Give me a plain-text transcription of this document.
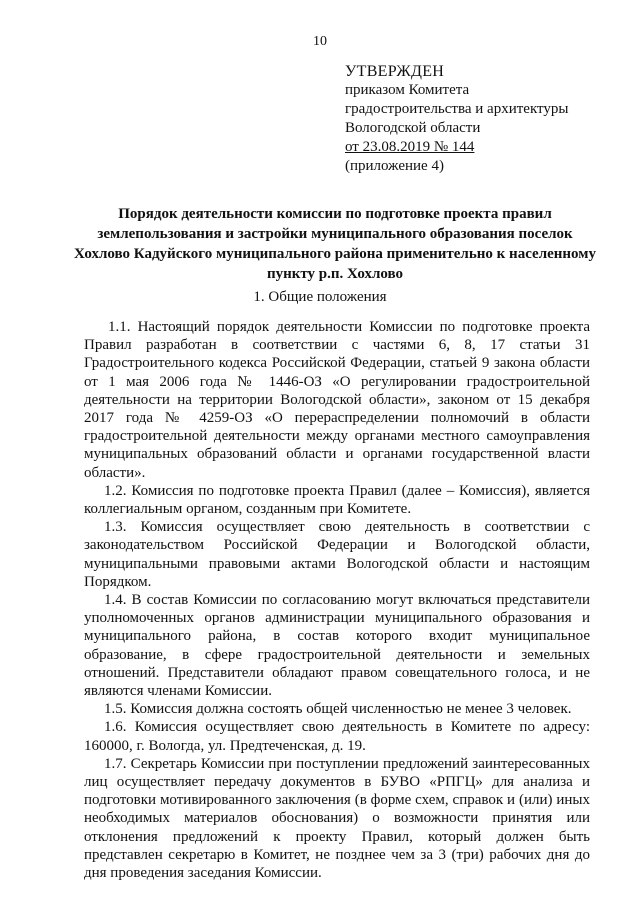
10
УТВЕРЖДЕН
приказом Комитета
градостроительства и архитектуры
Вологодской области
от 23.08.2019 № 144
(приложение 4)
Порядок деятельности комиссии по подготовке проекта правил землепользования и застройки муниципального образования поселок Хохлово Кадуйского муниципального района применительно к населенному пункту р.п. Хохлово
1. Общие положения

1.1. Настоящий порядок деятельности Комиссии по подготовке проекта Правил разработан в соответствии с частями 6, 8, 17 статьи 31 Градостроительного кодекса Российской Федерации, статьей 9 закона области от 1 мая 2006 года № 1446-ОЗ «О регулировании градостроительной деятельности на территории Вологодской области», законом от 15 декабря 2017 года № 4259-ОЗ «О перераспределении полномочий в области градостроительной деятельности между органами местного самоуправления муниципальных образований области и органами государственной власти области».

1.2. Комиссия по подготовке проекта Правил (далее – Комиссия), является коллегиальным органом, созданным при Комитете.

1.3. Комиссия осуществляет свою деятельность в соответствии с законодательством Российской Федерации и Вологодской области, муниципальными правовыми актами Вологодской области и настоящим Порядком.

1.4. В состав Комиссии по согласованию могут включаться представители уполномоченных органов администрации муниципального образования и муниципального района, в состав которого входит муниципальное образование, в сфере градостроительной деятельности и земельных отношений. Представители обладают правом совещательного голоса, и не являются членами Комиссии.

1.5. Комиссия должна состоять общей численностью не менее 3 человек.

1.6. Комиссия осуществляет свою деятельность в Комитете по адресу: 160000, г. Вологда, ул. Предтеченская, д. 19.

1.7. Секретарь Комиссии при поступлении предложений заинтересованных лиц осуществляет передачу документов в БУВО «РПГЦ» для анализа и подготовки мотивированного заключения (в форме схем, справок и (или) иных необходимых материалов обоснования) о возможности принятия или отклонения предложений к проекту Правил, который должен быть представлен секретарю в Комитет, не позднее чем за 3 (три) рабочих дня до дня проведения заседания Комиссии.
